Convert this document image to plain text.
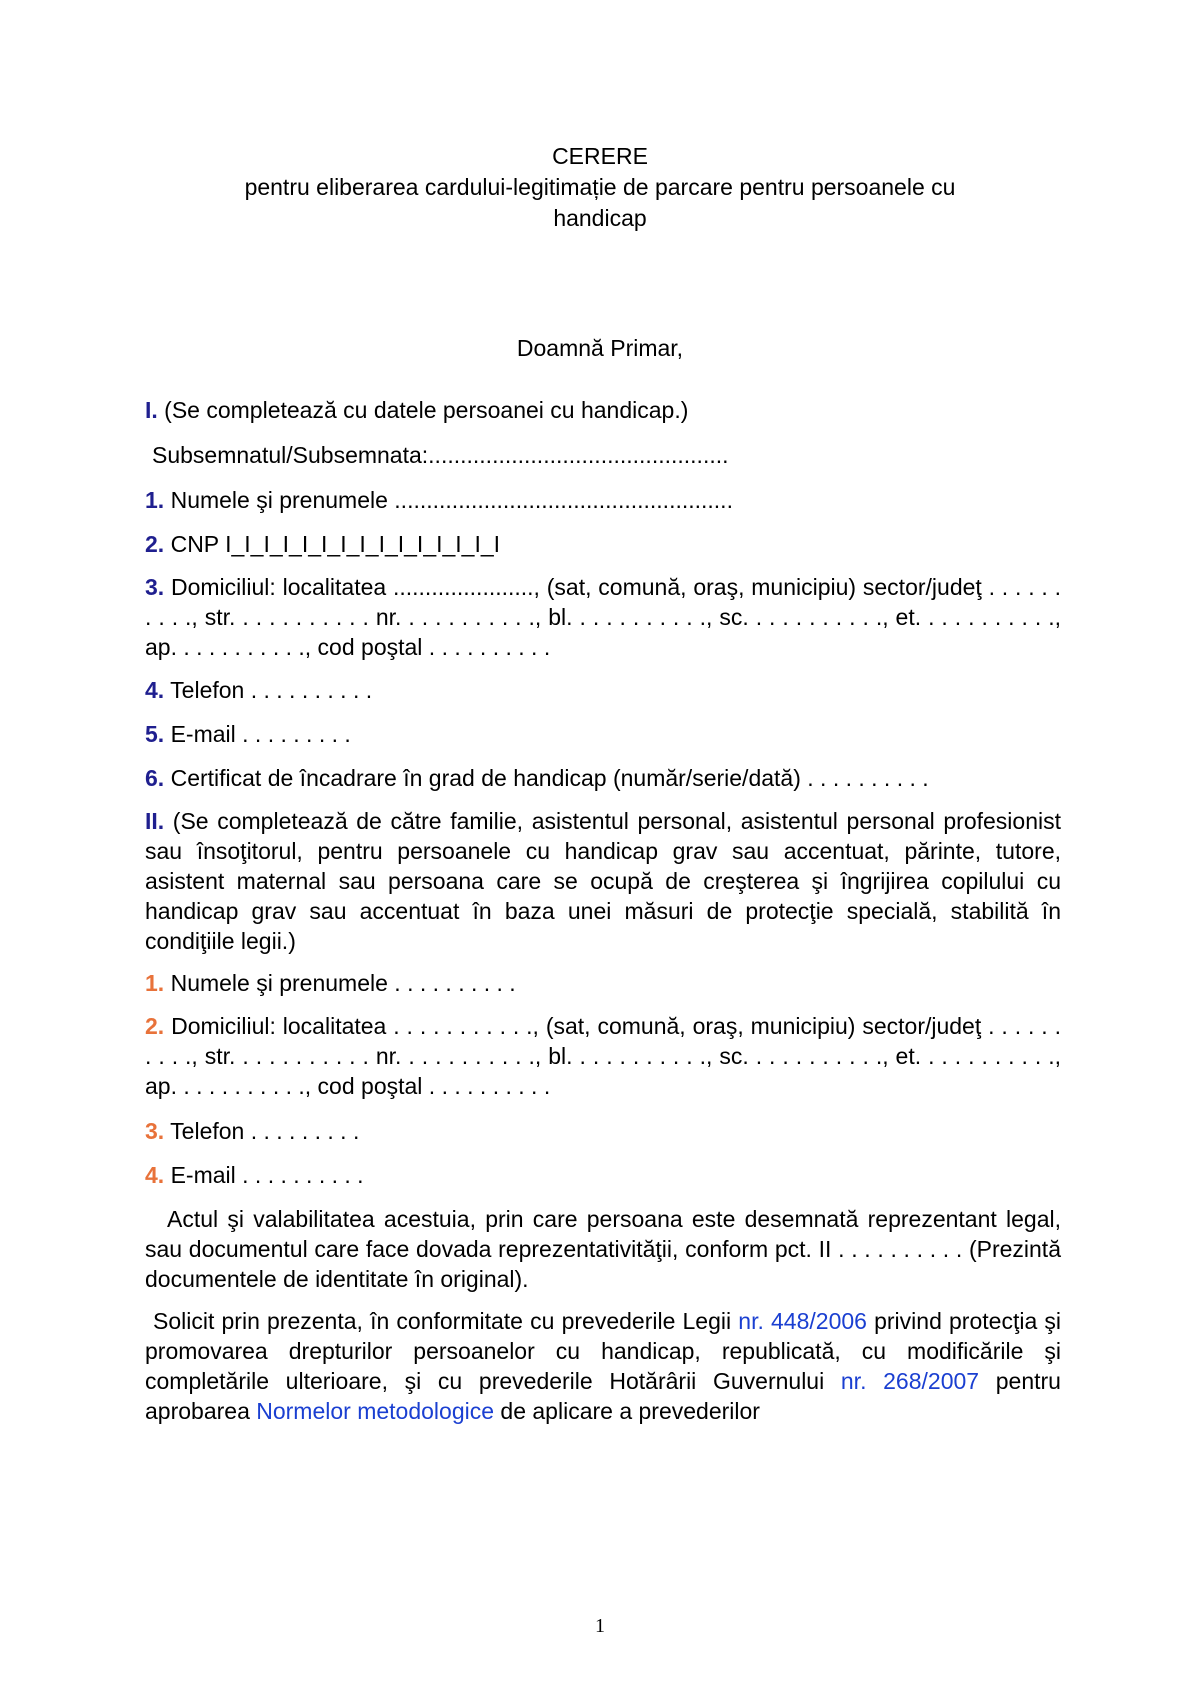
CERERE
pentru eliberarea cardului-legitimație de parcare pentru persoanele cu
handicap
Doamnă Primar,

I. (Se completează cu datele persoanei cu handicap.)

Subsemnatul/Subsemnata:...............................................

1. Numele şi prenumele .....................................................

2. CNP I_I_I_I_I_I_I_I_I_I_I_I_I_I_I

3. Domiciliul: localitatea ......................, (sat, comună, oraş, municipiu) sector/judeţ . . . . . . . . . ., str. . . . . . . . . . . nr. . . . . . . . . . ., bl. . . . . . . . . . ., sc. . . . . . . . . . ., et. . . . . . . . . . ., ap. . . . . . . . . . ., cod poştal . . . . . . . . . .

4. Telefon . . . . . . . . . .

5. E-mail . . . . . . . . .

6. Certificat de încadrare în grad de handicap (număr/serie/dată) . . . . . . . . . .

II. (Se completează de către familie, asistentul personal, asistentul personal profesionist sau însoţitorul, pentru persoanele cu handicap grav sau accentuat, părinte, tutore, asistent maternal sau persoana care se ocupă de creşterea şi îngrijirea copilului cu handicap grav sau accentuat în baza unei măsuri de protecţie specială, stabilită în condiţiile legii.)

1. Numele şi prenumele . . . . . . . . . .

2. Domiciliul: localitatea . . . . . . . . . . ., (sat, comună, oraş, municipiu) sector/judeţ . . . . . . . . . ., str. . . . . . . . . . . nr. . . . . . . . . . ., bl. . . . . . . . . . ., sc. . . . . . . . . . ., et. . . . . . . . . . ., ap. . . . . . . . . . ., cod poştal . . . . . . . . . .

3. Telefon . . . . . . . . .

4. E-mail . . . . . . . . . .

Actul şi valabilitatea acestuia, prin care persoana este desemnată reprezentant legal, sau documentul care face dovada reprezentativităţii, conform pct. II . . . . . . . . . . (Prezintă documentele de identitate în original).

Solicit prin prezenta, în conformitate cu prevederile Legii nr. 448/2006 privind protecţia şi promovarea drepturilor persoanelor cu handicap, republicată, cu modificările şi completările ulterioare, şi cu prevederile Hotărârii Guvernului nr. 268/2007 pentru aprobarea Normelor metodologice de aplicare a prevederilor

1
